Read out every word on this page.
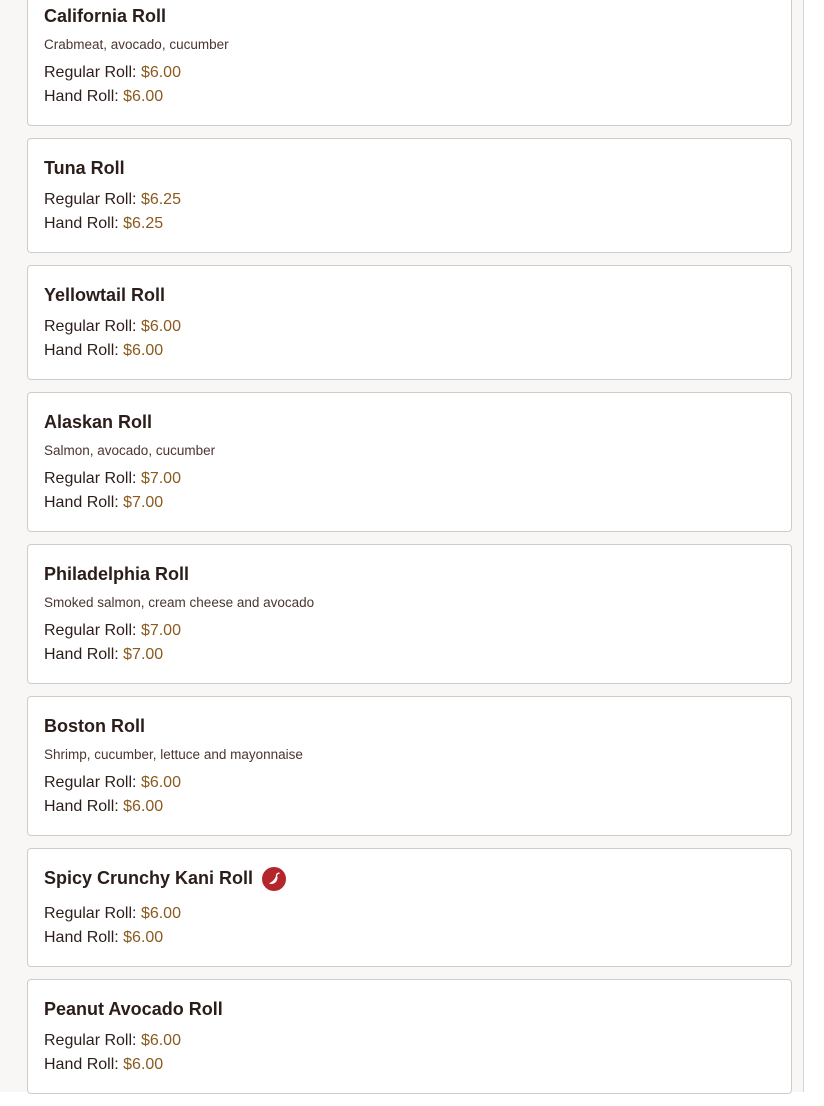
California Roll
Crabmeat, avocado, cucumber
Regular Roll: $6.00
Hand Roll: $6.00
Tuna Roll
Regular Roll: $6.25
Hand Roll: $6.25
Yellowtail Roll
Regular Roll: $6.00
Hand Roll: $6.00
Alaskan Roll
Salmon, avocado, cucumber
Regular Roll: $7.00
Hand Roll: $7.00
Philadelphia Roll
Smoked salmon, cream cheese and avocado
Regular Roll: $7.00
Hand Roll: $7.00
Boston Roll
Shrimp, cucumber, lettuce and mayonnaise
Regular Roll: $6.00
Hand Roll: $6.00
Spicy Crunchy Kani Roll
Regular Roll: $6.00
Hand Roll: $6.00
Peanut Avocado Roll
Regular Roll: $6.00
Hand Roll: $6.00
